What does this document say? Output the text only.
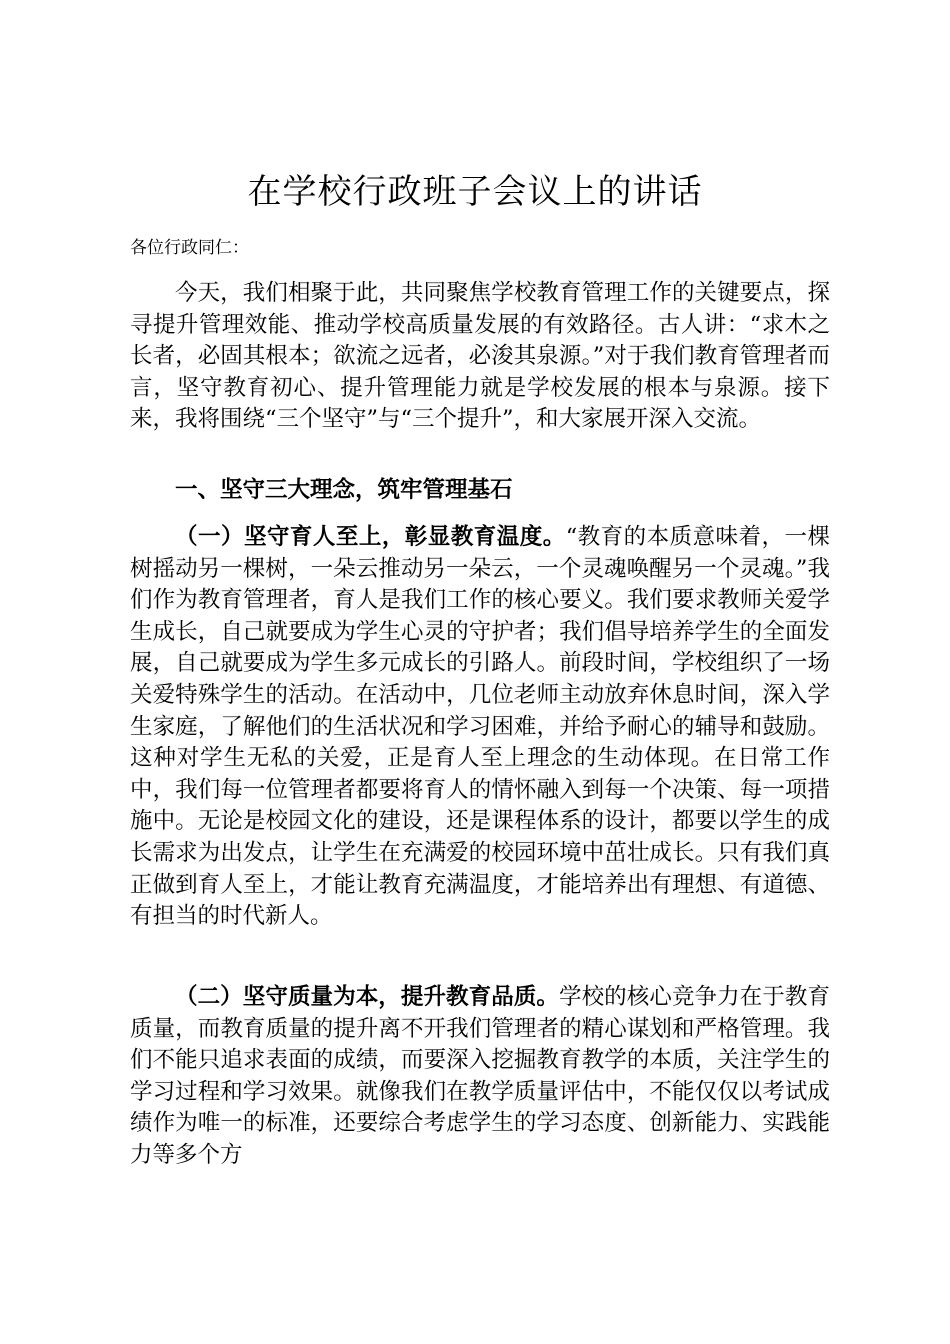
在学校行政班子会议上的讲话
各位行政同仁：

今天，我们相聚于此，共同聚焦学校教育管理工作的关键要点，探寻提升管理效能、推动学校高质量发展的有效路径。古人讲：“求木之长者，必固其根本；欲流之远者，必浚其泉源。”对于我们教育管理者而言，坚守教育初心、提升管理能力就是学校发展的根本与泉源。接下来，我将围绕“三个坚守”与“三个提升”，和大家展开深入交流。

一、坚守三大理念，筑牢管理基石

（一）坚守育人至上，彰显教育温度。“教育的本质意味着，一棵树摇动另一棵树，一朵云推动另一朵云，一个灵魂唤醒另一个灵魂。”我们作为教育管理者，育人是我们工作的核心要义。我们要求教师关爱学生成长，自己就要成为学生心灵的守护者；我们倡导培养学生的全面发展，自己就要成为学生多元成长的引路人。前段时间，学校组织了一场关爱特殊学生的活动。在活动中，几位老师主动放弃休息时间，深入学生家庭，了解他们的生活状况和学习困难，并给予耐心的辅导和鼓励。这种对学生无私的关爱，正是育人至上理念的生动体现。在日常工作中，我们每一位管理者都要将育人的情怀融入到每一个决策、每一项措施中。无论是校园文化的建设，还是课程体系的设计，都要以学生的成长需求为出发点，让学生在充满爱的校园环境中茁壮成长。只有我们真正做到育人至上，才能让教育充满温度，才能培养出有理想、有道德、有担当的时代新人。

（二）坚守质量为本，提升教育品质。学校的核心竞争力在于教育质量，而教育质量的提升离不开我们管理者的精心谋划和严格管理。我们不能只追求表面的成绩，而要深入挖掘教育教学的本质，关注学生的学习过程和学习效果。就像我们在教学质量评估中，不能仅仅以考试成绩作为唯一的标准，还要综合考虑学生的学习态度、创新能力、实践能力等多个方
